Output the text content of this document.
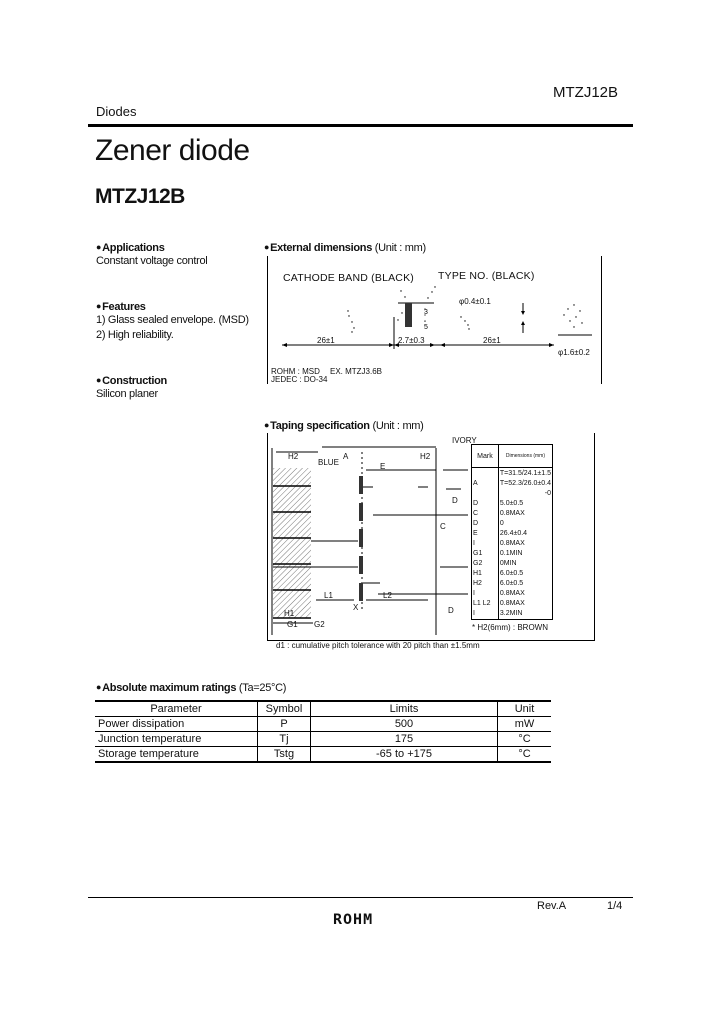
MTZJ12B
Diodes
Zener diode
MTZJ12B
● Applications
Constant voltage control
● Features
1) Glass sealed envelope. (MSD)
2) High reliability.
● Construction
Silicon planer
● External dimensions (Unit : mm)
CATHODE BAND (BLACK) TYPE NO. (BLACK)
3
.
5
φ0.4±0.1
26±1	2.7±0.3	26±1
φ1.6±0.2
ROHM : MSD EX. MTZJ3.6B
JEDEC : DO-34
● Taping specification (Unit : mm)
H2	A
BLUE
H2
IVORY
E
D
C
L1	L2
H1
G1 G2
X	D
d1 : cumulative pitch tolerance with 20 pitch than ±1.5mm
Mark	Dimensions (mm)
	T=31.5/24.1±1.5
A	T=52.3/26.0±0.4
	-0
D	5.0±0.5
C	0.8MAX
D	0
E	26.4±0.4
I	0.8MAX
G1	0.1MIN
G2	0MIN
H1	6.0±0.5
H2	6.0±0.5
I	0.8MAX
L1 L2	0.8MAX
I	3.2MIN
* H2(6mm) : BROWN
● Absolute maximum ratings (Ta=25°C)
Parameter	Symbol	Limits	Unit
Power dissipation	P	500	mW
Junction temperature	Tj	175	°C
Storage temperature	Tstg	-65 to +175	°C
Rev.A	1/4
ROHM
